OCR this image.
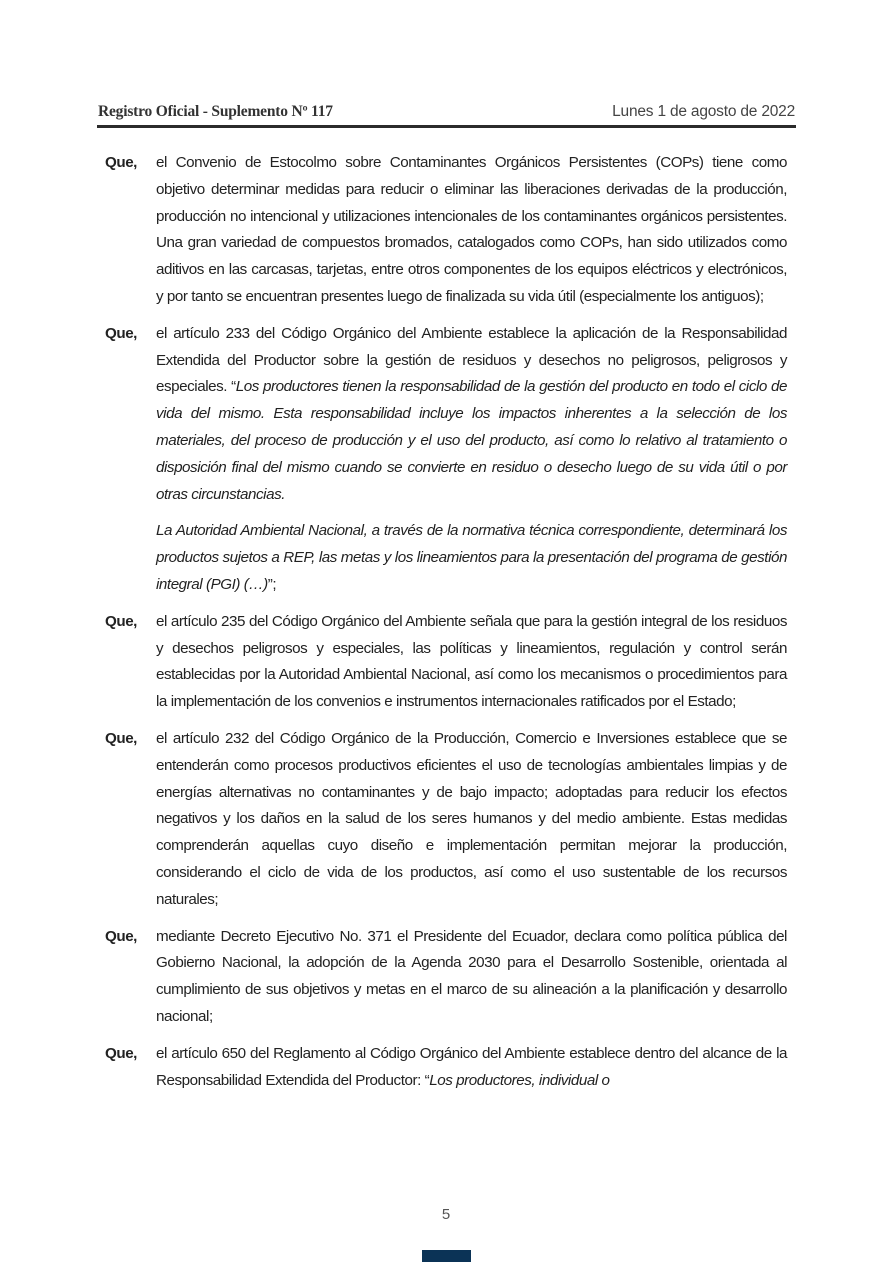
Registro Oficial - Suplemento Nº 117	Lunes 1 de agosto de 2022
Que,	el Convenio de Estocolmo sobre Contaminantes Orgánicos Persistentes (COPs) tiene como objetivo determinar medidas para reducir o eliminar las liberaciones derivadas de la producción, producción no intencional y utilizaciones intencionales de los contaminantes orgánicos persistentes. Una gran variedad de compuestos bromados, catalogados como COPs, han sido utilizados como aditivos en las carcasas, tarjetas, entre otros componentes de los equipos eléctricos y electrónicos, y por tanto se encuentran presentes luego de finalizada su vida útil (especialmente los antiguos);
Que,	el artículo 233 del Código Orgánico del Ambiente establece la aplicación de la Responsabilidad Extendida del Productor sobre la gestión de residuos y desechos no peligrosos, peligrosos y especiales. “Los productores tienen la responsabilidad de la gestión del producto en todo el ciclo de vida del mismo. Esta responsabilidad incluye los impactos inherentes a la selección de los materiales, del proceso de producción y el uso del producto, así como lo relativo al tratamiento o disposición final del mismo cuando se convierte en residuo o desecho luego de su vida útil o por otras circunstancias.
La Autoridad Ambiental Nacional, a través de la normativa técnica correspondiente, determinará los productos sujetos a REP, las metas y los lineamientos para la presentación del programa de gestión integral (PGI) (…)”;
Que,	el artículo 235 del Código Orgánico del Ambiente señala que para la gestión integral de los residuos y desechos peligrosos y especiales, las políticas y lineamientos, regulación y control serán establecidas por la Autoridad Ambiental Nacional, así como los mecanismos o procedimientos para la implementación de los convenios e instrumentos internacionales ratificados por el Estado;
Que,	el artículo 232 del Código Orgánico de la Producción, Comercio e Inversiones establece que se entenderán como procesos productivos eficientes el uso de tecnologías ambientales limpias y de energías alternativas no contaminantes y de bajo impacto; adoptadas para reducir los efectos negativos y los daños en la salud de los seres humanos y del medio ambiente. Estas medidas comprenderán aquellas cuyo diseño e implementación permitan mejorar la producción, considerando el ciclo de vida de los productos, así como el uso sustentable de los recursos naturales;
Que,	mediante Decreto Ejecutivo No. 371 el Presidente del Ecuador, declara como política pública del Gobierno Nacional, la adopción de la Agenda 2030 para el Desarrollo Sostenible, orientada al cumplimiento de sus objetivos y metas en el marco de su alineación a la planificación y desarrollo nacional;
Que,	el artículo 650 del Reglamento al Código Orgánico del Ambiente establece dentro del alcance de la Responsabilidad Extendida del Productor: “Los productores, individual o
5
